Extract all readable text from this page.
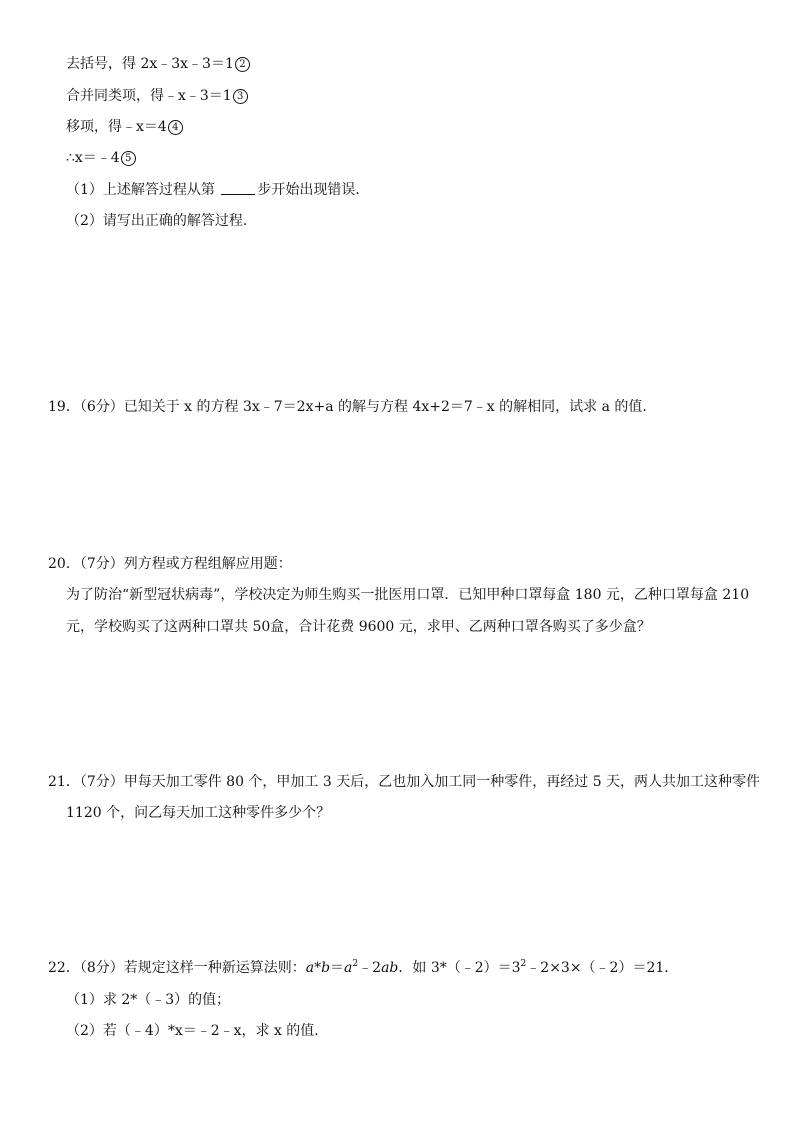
去括号，得 2x﹣3x﹣3＝1 2
合并同类项，得﹣x﹣3＝1 3
移项，得﹣x＝4 4
∴x＝﹣4 5
（1）上述解答过程从第	步开始出现错误．
（2）请写出正确的解答过程．
19．（6分）已知关于 x 的方程 3x﹣7＝2x+a 的解与方程 4x+2＝7﹣x 的解相同，试求 a 的值．
20．（7分）列方程或方程组解应用题：
为了防治“新型冠状病毒”，学校决定为师生购买一批医用口罩．已知甲种口罩每盒 180 元，乙种口罩每盒 210
元，学校购买了这两种口罩共 50盒，合计花费 9600 元，求甲、乙两种口罩各购买了多少盒？
21．（7分）甲每天加工零件 80 个，甲加工 3 天后，乙也加入加工同一种零件，再经过 5 天，两人共加工这种零件
1120 个，问乙每天加工这种零件多少个？
22．（8分）若规定这样一种新运算法则：$a*b=a^2﹣2ab$．如 $3*(﹣2)=3^2﹣2\times 3\times(﹣2)=21$．
（1）求 2*（﹣3）的值；
（2）若（﹣4）*x＝﹣2﹣x，求 x 的值．
